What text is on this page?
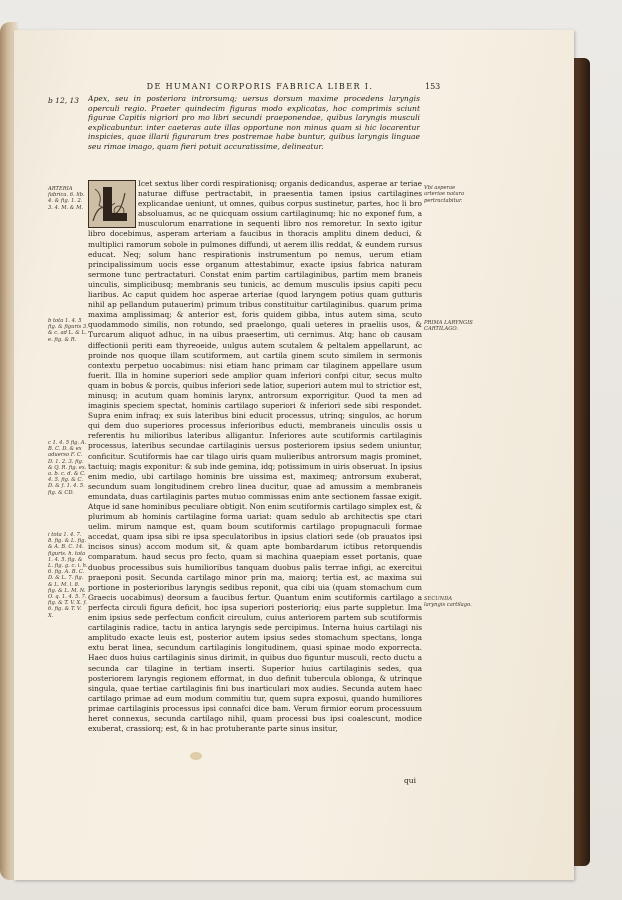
DE HUMANI CORPORIS FABRICA LIBER I.	153
b 12, 13 Apex, seu in posteriora introrsumq; uersus dorsum maxime procedens laryngis operculi regio. Praeter quindecim figuras modo explicatas, hoc comprimis sciunt figurae Capitis nigriori pro mo libri secundi praeponendae, quibus laryngis musculi explicabuntur. inter caeteras aute illas opportune non minus quam si hic locarentur inspicies, quae illarii figurarum tres postremae habe buntur, quibus laryngis linguae seu rimae imago, quam fieri potuit accuratissime, delineatur.
Icet sextus liber cordi respirationisq; organis dedicandus, asperae ar teriae naturae diffuse pertractabit, in praesentia tamen ipsius cartilagines explicandae ueniunt, ut omnes, quibus corpus sustinetur, partes, hoc li bro absoluamus, ac ne quicquam ossium cartilaginumq; hic no exponef fum, a musculorum enarratione in sequenti libro nos remoretur. In sexto igitur libro docebimus, asperam arteriam a faucibus in thoracis amplitu dinem deduci, & multiplici ramorum sobole in pulmones diffundi, ut aerem illis reddat, & eundem rursus educat. Neq; solum hanc respirationis instrumentum po nemus, uerum etiam principalissimum uocis esse organum attestabimur, exacte ipsius fabrica naturam sermone tunc pertractaturi. Constat enim partim cartilaginibus, partim mem braneis uinculis, simplicibusq; membranis seu tunicis, ac demum musculis ipsius capiti pecu liaribus. Ac caput quidem hoc asperae arteriae (quod laryngem potius quam gutturis nihil ap pellandum putauerim) primum tribus constituitur cartilaginibus. quarum prima maxima amplissimaq; & anterior est, foris quidem gibba, intus autem sima, scuto quodammodo similis, non rotundo, sed praelongo, quali ueteres in praeliis usos, & Turcarum aliquot adhuc, in na uibus praesertim, uti cernimus. Atq; hanc ob causam diffectionii periti eam thyreoeide, uulgus autem scutalem & peltalem appellarunt, ac proinde nos quoque illam scutiformem, aut cartila ginem scuto similem in sermonis contextu perpetuo uocabimus: nisi etiam hanc primam car tilaginem appellare usum fuerit. Illa in homine superiori sede amplior quam inferiori confpi citur, secus multo quam in bobus & porcis, quibus inferiori sede latior, superiori autem mul to strictior est, minusq; in acutum quam hominis larynx, antrorsum exporrigitur. Quod ta men ad imaginis speciem spectat, hominis cartilago superiori & inferiori sede sibi respondet. Supra enim infraq; ex suis lateribus bini educit processus, utrinq; singulos, ac horum qui dem duo superiores processus inferioribus educti, membraneis uinculis ossis u referentis hu milioribus lateribus alligantur. Inferiores aute scutiformis cartilaginis processus, lateribus secundae cartilaginis uersus posteriorem ipsius sedem uniuntur, conficitur. Scutiformis hae car tilago uiris quam mulieribus antrorsum magis prominet, tactuiq; magis exponitur: & sub inde gemina, idq; potissimum in uiris obseruat. In ipsius enim medio, ubi cartilago hominis bre uissima est, maximeq; antrorsum exuberat, secundum suam longitudinem crebro linea ducitur, quae ad amussim a membraneis emundata, duas cartilaginis partes mutuo commissas enim ante sectionem fassae exigit. Atque id sane hominibus peculiare obtigit. Non enim scutiformis cartilago simplex est, & plurimum ab hominis cartilagine forma uariat: quam sedulo ab architectis spe ctari uelim. mirum namque est, quam boum scutiformis cartilago propugnaculi formae accedat, quam ipsa sibi re ipsa speculatoribus in ipsius clatiori sede (ob prauatos ipsi incisos sinus) accom modum sit, & quam apte bombardarum ictibus retorquendis comparatum. haud secus pro fecto, quam si machina quaepiam esset portanis, quae duobus processibus suis humilioribus tanquam duobus palis terrae infigi, ac exercitui praeponi posit. Secunda cartilago minor prin ma, maiorq; tertia est, ac maxima sui portione in posterioribus laryngis sedibus reponit, qua cibi uia (quam stomachum cum Graecis uocabimus) deorsum a faucibus fertur. Quantum enim scutiformis cartilago a perfecta circuli figura deficit, hoc ipsa superiori posterioriq; eius parte suppletur. Ima enim ipsius sede perfectum conficit circulum, cuius anteriorem partem sub scutiformis cartilaginis radice, tactu in antica laryngis sede percipimus. Interna huius cartilagi nis amplitudo exacte leuis est, posterior autem ipsius sedes stomachum spectans, longa extu berat linea, secundum cartilaginis longitudinem, quasi spinae modo exporrecta. Haec duos huius cartilaginis sinus dirimit, in quibus duo figuntur musculi, recto ductu a secunda car tilagine in tertiam inserti. Superior huius cartilaginis sedes, qua posteriorem laryngis regionem efformat, in duo definit tubercula oblonga, & utrinque singula, quae tertiae cartilaginis fini bus inarticulari mox audies. Secunda autem haec cartilago primae ad eum modum commitiu tur, quem supra exposui, quando humiliores primae cartilaginis processus ipsi connafci dice bam. Verum firmior eorum processuum heret connexus, secunda cartilago nihil, quam processi bus ipsi coalescunt, modice exuberat, crassiorq; est, & in hac protuberante parte sinus insitur,
Vbi asperae arteriae natura pertractabitur.
PRIMA LARYNGIS CARTILAGO.
SECUNDA laryngis cartilago.
ARTERIA fabrica. 6. lib. 4. & fig. 1. 2. 3. 4. M. & M.
b tota 1. 4. 5 fig. & figuris 3. & c. ad L. & L. e. fig. & R.
c 1. 4. 5 fig. A. B. C. D. & ex aduerso F. C. D. 1. 2. 3. fig. & Q. R. fig. ex. a. b. c. d. & C. 4. 5. fig. & C. D. & f. 1. 4. 5. fig. & CD.
i tota 1. 4. 7. 8. fig. & L. fig. & A. B. C. 14. figuris. h. tota 1. 4. 5. fig. & L. fig. g. c. i. h. 6. fig. A. B. C. D. & L. 7. fig. & L. M. l. 8. fig. & L. M. N. O. q. 1. 4. 5. 7. fig. & T. V. X. f. 6. fig. & T. V. X.
qui
